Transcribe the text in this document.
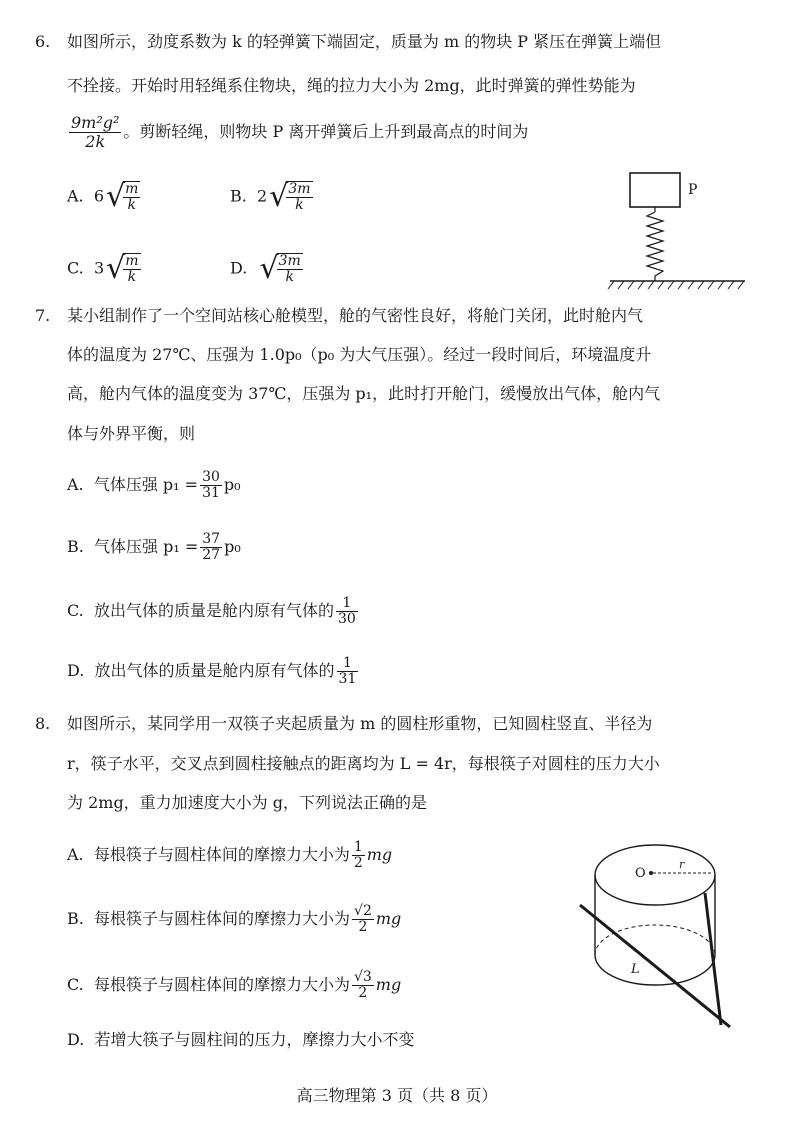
6. 如图所示，劲度系数为 k 的轻弹簧下端固定，质量为 m 的物块 P 紧压在弹簧上端但
不拴接。开始时用轻绳系住物块，绳的拉力大小为 2mg，此时弹簧的弹性势能为
$\frac{\text{9m²g²}}{2k}$ 。剪断轻绳，则物块 P 离开弹簧后上升到最高点的时间为
A. 6√
$\frac{m}{k}$	B. 2√
$\frac{3m}{k}$
C. 3√
$\frac{m}{k}$	D. √
$\frac{3m}{k}$
P
7. 某小组制作了一个空间站核心舱模型，舱的气密性良好，将舱门关闭，此时舱内气
体的温度为 27℃、压强为 1.0p₀（p₀ 为大气压强）。经过一段时间后，环境温度升
高，舱内气体的温度变为 37℃，压强为 p₁，此时打开舱门，缓慢放出气体，舱内气
体与外界平衡，则
A. 气体压强 $p_1 = \frac{30}{31} p_0$
B. 气体压强 $p_1 = \frac{37}{27} p_0$
C. 放出气体的质量是舱内原有气体的 $\frac{1}{30}$
D. 放出气体的质量是舱内原有气体的 $\frac{1}{31}$
8. 如图所示，某同学用一双筷子夹起质量为 m 的圆柱形重物，已知圆柱竖直、半径为
r，筷子水平，交叉点到圆柱接触点的距离均为 L = 4r，每根筷子对圆柱的压力大小
为 2mg，重力加速度大小为 g，下列说法正确的是
A. 每根筷子与圆柱体间的摩擦力大小为 $\frac{1}{2}$ mg
B. 每根筷子与圆柱体间的摩擦力大小为 $\frac{√2}{2}$ mg
C. 每根筷子与圆柱体间的摩擦力大小为 $\frac{√3}{2}$ mg
D. 若增大筷子与圆柱间的压力，摩擦力大小不变
O
r
L
高三物理第 3 页（共 8 页）
